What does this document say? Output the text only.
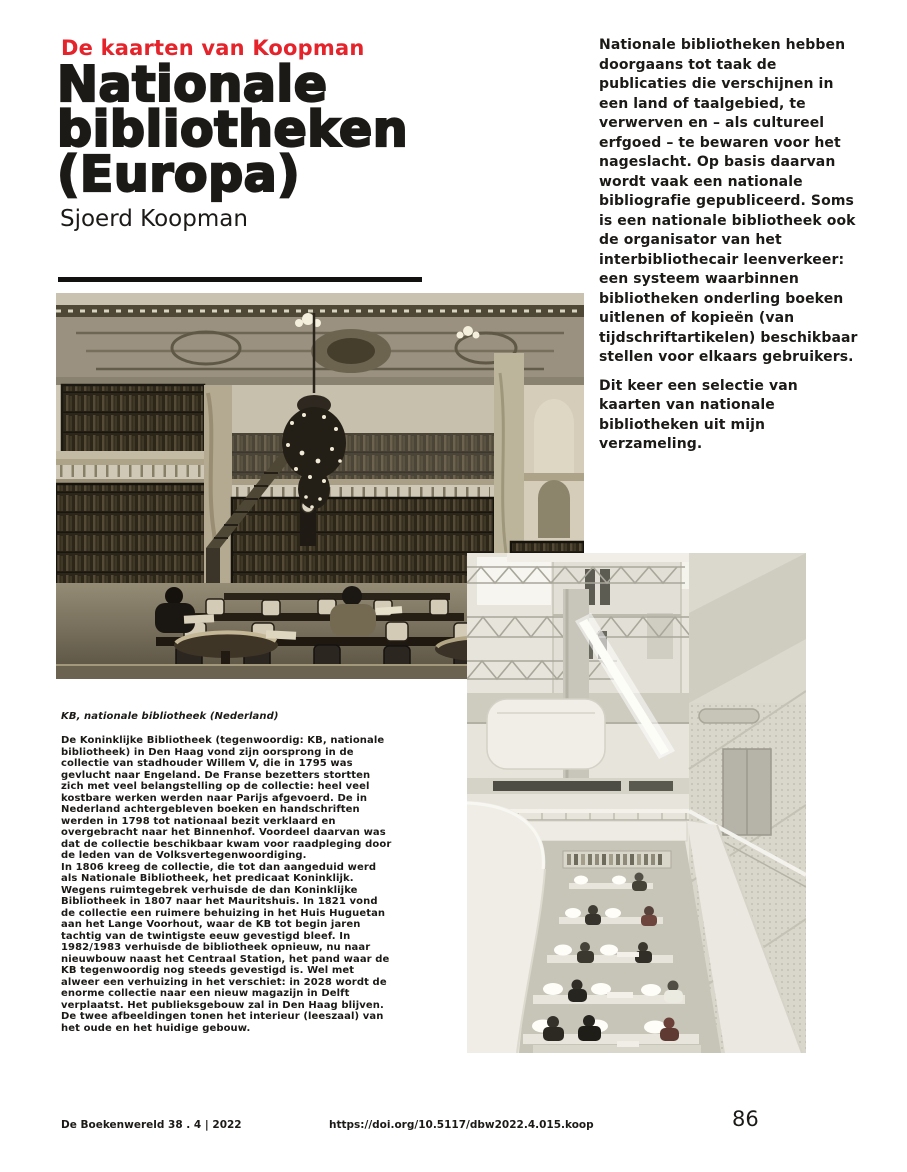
De kaarten van Koopman
Nationale
bibliotheken
(Europa)
Sjoerd Koopman
KB, nationale bibliotheek (Nederland)

De Koninklijke Bibliotheek (tegenwoordig: KB, nationale bibliotheek) in Den Haag vond zijn oorsprong in de collectie van stadhouder Willem V, die in 1795 was gevlucht naar Engeland. De Franse bezetters stortten zich met veel belangstelling op de collectie: heel veel kostbare werken werden naar Parijs afgevoerd. De in Nederland achtergebleven boeken en handschriften werden in 1798 tot nationaal bezit verklaard en overgebracht naar het Binnenhof. Voordeel daarvan was dat de collectie beschikbaar kwam voor raadpleging door de leden van de Volksvertegenwoordiging.

In 1806 kreeg de collectie, die tot dan aangeduid werd als Nationale Bibliotheek, het predicaat Koninklijk. Wegens ruimtegebrek verhuisde de dan Koninklijke Bibliotheek in 1807 naar het Mauritshuis. In 1821 vond de collectie een ruimere behuizing in het Huis Huguetan aan het Lange Voorhout, waar de KB tot begin jaren tachtig van de twintigste eeuw gevestigd bleef. In 1982/1983 verhuisde de bibliotheek opnieuw, nu naar nieuwbouw naast het Centraal Station, het pand waar de KB tegenwoordig nog steeds gevestigd is. Wel met alweer een verhuizing in het verschiet: in 2028 wordt de enorme collectie naar een nieuw magazijn in Delft verplaatst. Het publieksgebouw zal in Den Haag blijven.

De twee afbeeldingen tonen het interieur (leeszaal) van het oude en het huidige gebouw.

Nationale bibliotheken hebben doorgaans tot taak de publicaties die verschijnen in een land of taalgebied, te verwerven en – als cultureel erfgoed – te bewaren voor het nageslacht. Op basis daarvan wordt vaak een nationale bibliografie gepubliceerd. Soms is een nationale bibliotheek ook de organisator van het interbibliothecair leenverkeer: een systeem waarbinnen bibliotheken onderling boeken uitlenen of kopieën (van tijdschriftartikelen) beschikbaar stellen voor elkaars gebruikers.

Dit keer een selectie van kaarten van nationale bibliotheken uit mijn verzameling.

De Boekenwereld 38 . 4 | 2022	https://doi.org/10.5117/dbw2022.4.015.koop	86
